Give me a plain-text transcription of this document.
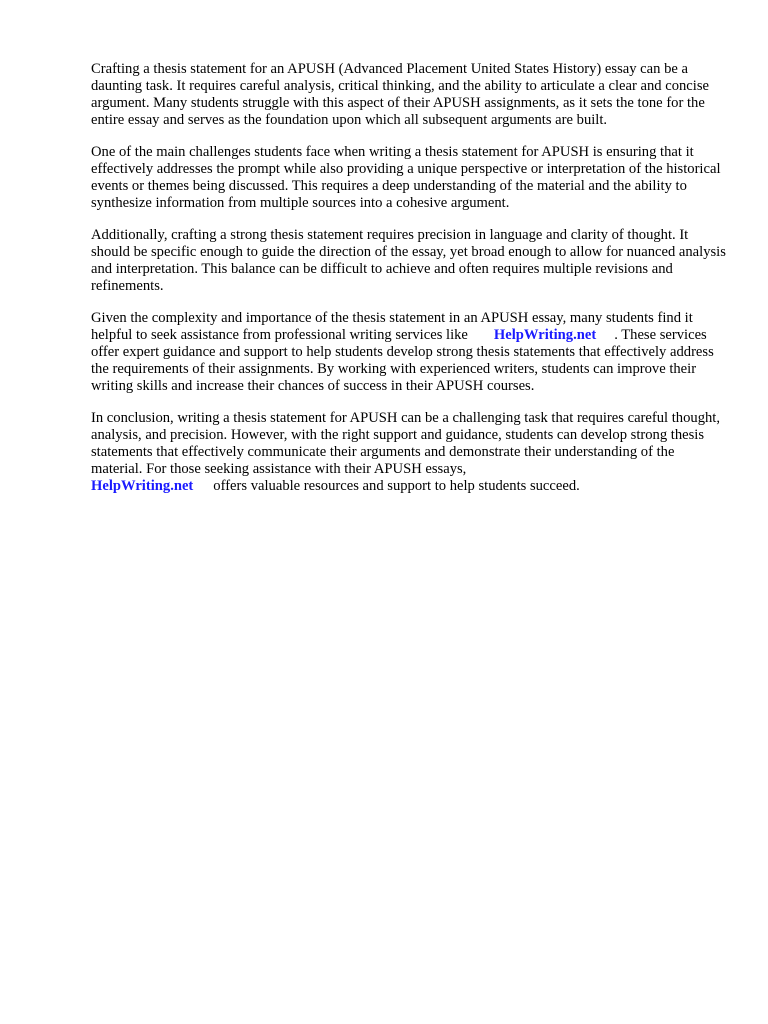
Crafting a thesis statement for an APUSH (Advanced Placement United States History) essay can be a daunting task. It requires careful analysis, critical thinking, and the ability to articulate a clear and concise argument. Many students struggle with this aspect of their APUSH assignments, as it sets the tone for the entire essay and serves as the foundation upon which all subsequent arguments are built.

One of the main challenges students face when writing a thesis statement for APUSH is ensuring that it effectively addresses the prompt while also providing a unique perspective or interpretation of the historical events or themes being discussed. This requires a deep understanding of the material and the ability to synthesize information from multiple sources into a cohesive argument.

Additionally, crafting a strong thesis statement requires precision in language and clarity of thought. It should be specific enough to guide the direction of the essay, yet broad enough to allow for nuanced analysis and interpretation. This balance can be difficult to achieve and often requires multiple revisions and refinements.

Given the complexity and importance of the thesis statement in an APUSH essay, many students find it helpful to seek assistance from professional writing services like HelpWriting.net . These services offer expert guidance and support to help students develop strong thesis statements that effectively address the requirements of their assignments. By working with experienced writers, students can improve their writing skills and increase their chances of success in their APUSH courses.

In conclusion, writing a thesis statement for APUSH can be a challenging task that requires careful thought, analysis, and precision. However, with the right support and guidance, students can develop strong thesis statements that effectively communicate their arguments and demonstrate their understanding of the material. For those seeking assistance with their APUSH essays,
HelpWriting.net offers valuable resources and support to help students succeed.
